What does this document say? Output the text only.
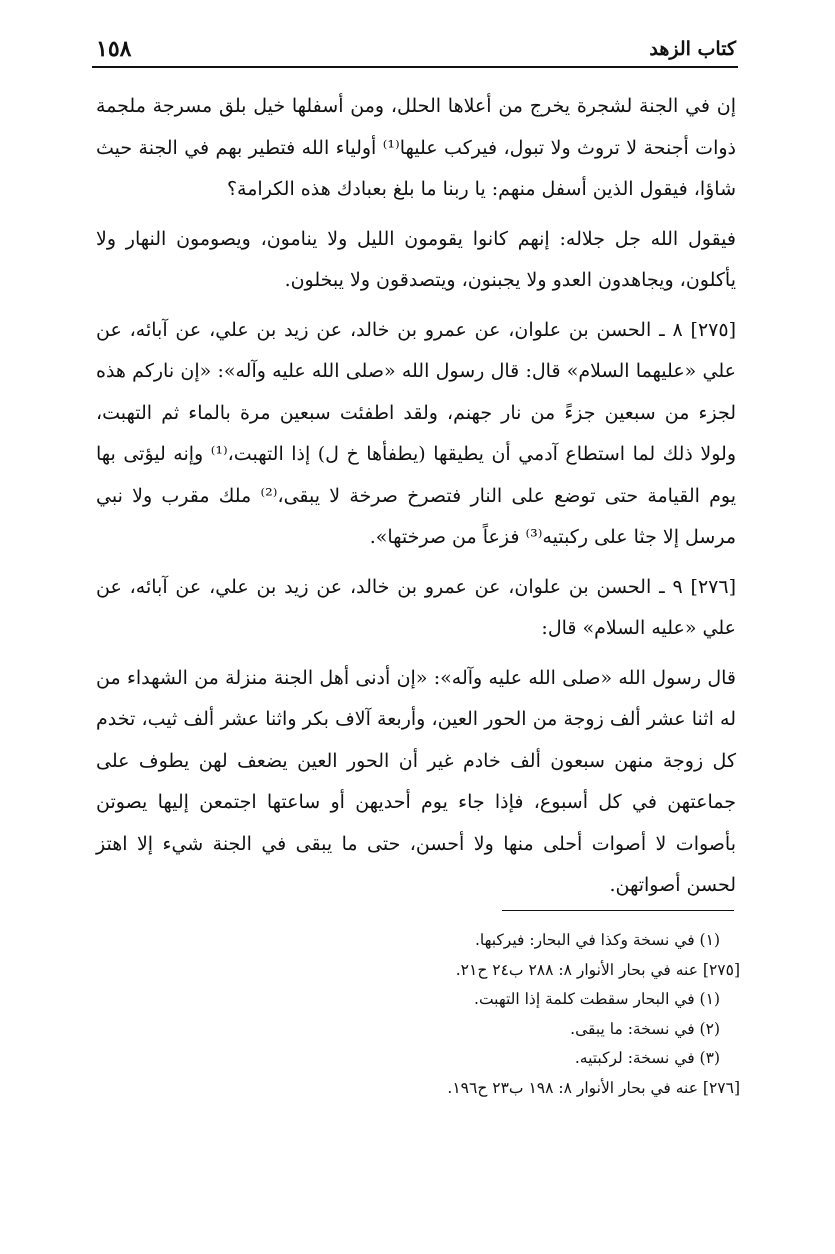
كتاب الزهد
١٥٨

إن في الجنة لشجرة يخرج من أعلاها الحلل، ومن أسفلها خيل بلق مسرجة ملجمة ذوات أجنحة لا تروث ولا تبول، فيركب عليها⁽¹⁾ أولياء الله فتطير بهم في الجنة حيث شاؤا، فيقول الذين أسفل منهم: يا ربنا ما بلغ بعبادك هذه الكرامة؟

فيقول الله جل جلاله: إنهم كانوا يقومون الليل ولا ينامون، ويصومون النهار ولا يأكلون، ويجاهدون العدو ولا يجبنون، ويتصدقون ولا يبخلون.

[٢٧٥] ٨ ـ الحسن بن علوان، عن عمرو بن خالد، عن زيد بن علي، عن آبائه، عن علي «عليهما السلام» قال: قال رسول الله «صلى الله عليه وآله»: «إن ناركم هذه لجزء من سبعين جزءً من نار جهنم، ولقد اطفئت سبعين مرة بالماء ثم التهبت، ولولا ذلك لما استطاع آدمي أن يطيقها (يطفأها خ ل) إذا التهبت،⁽¹⁾ وإنه ليؤتى بها يوم القيامة حتى توضع على النار فتصرخ صرخة لا يبقى،⁽²⁾ ملك مقرب ولا نبي مرسل إلا جثا على ركبتيه⁽³⁾ فزعاً من صرختها».

[٢٧٦] ٩ ـ الحسن بن علوان، عن عمرو بن خالد، عن زيد بن علي، عن آبائه، عن علي «عليه السلام» قال:

قال رسول الله «صلى الله عليه وآله»: «إن أدنى أهل الجنة منزلة من الشهداء من له اثنا عشر ألف زوجة من الحور العين، وأربعة آلاف بكر واثنا عشر ألف ثيب، تخدم كل زوجة منهن سبعون ألف خادم غير أن الحور العين يضعف لهن يطوف على جماعتهن في كل أسبوع، فإذا جاء يوم أحديهن أو ساعتها اجتمعن إليها يصوتن بأصوات لا أصوات أحلى منها ولا أحسن، حتى ما يبقى في الجنة شيء إلا اهتز لحسن أصواتهن.

(١) في نسخة وكذا في البحار: فيركبها.
[٢٧٥] عنه في بحار الأنوار ٨: ٢٨٨ ب٢٤ ح٢١.
(١) في البحار سقطت كلمة إذا التهبت.
(٢) في نسخة: ما يبقى.
(٣) في نسخة: لركبتيه.
[٢٧٦] عنه في بحار الأنوار ٨: ١٩٨ ب٢٣ ح١٩٦.
